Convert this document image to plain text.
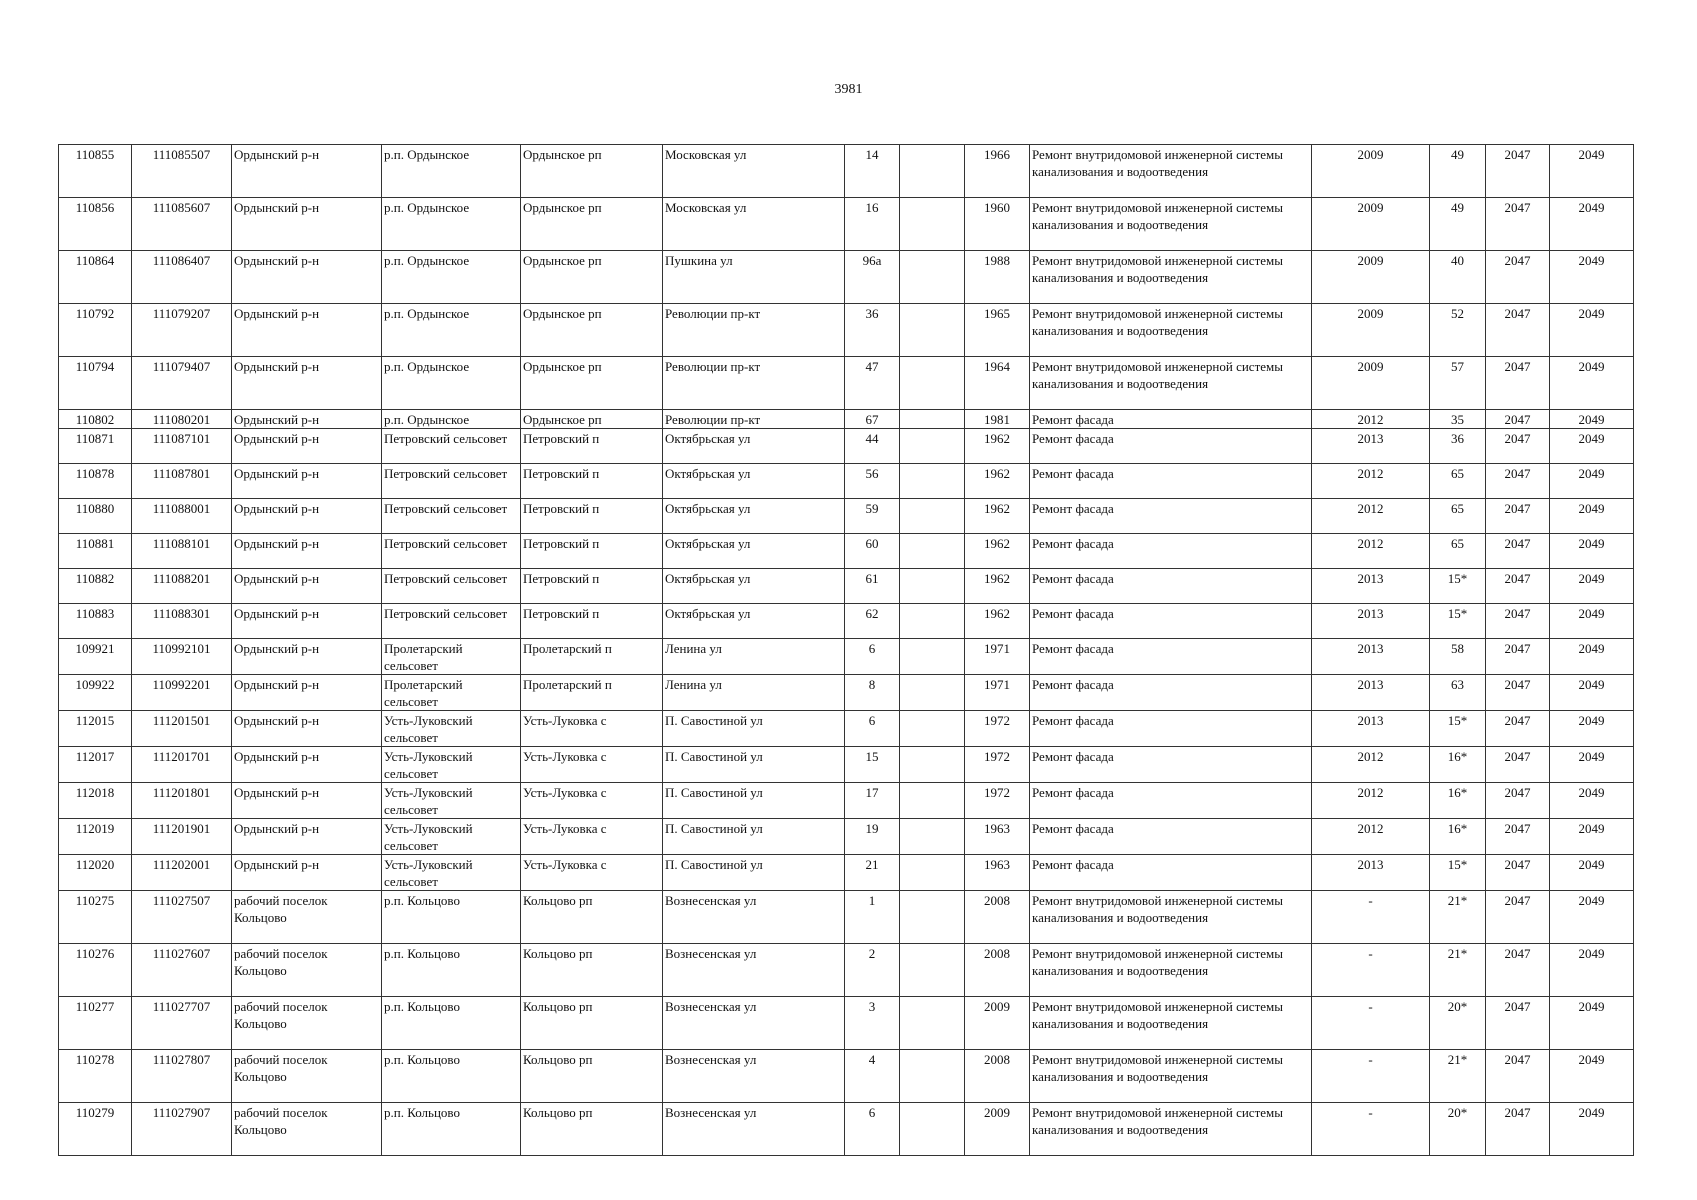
3981
110855	111085507	Ордынский р-н	р.п. Ордынское	Ордынское рп	Московская ул	14		1966	Ремонт внутридомовой инженерной системы канализования и водоотведения	2009	49	2047	2049
110856	111085607	Ордынский р-н	р.п. Ордынское	Ордынское рп	Московская ул	16		1960	Ремонт внутридомовой инженерной системы канализования и водоотведения	2009	49	2047	2049
110864	111086407	Ордынский р-н	р.п. Ордынское	Ордынское рп	Пушкина ул	96а		1988	Ремонт внутридомовой инженерной системы канализования и водоотведения	2009	40	2047	2049
110792	111079207	Ордынский р-н	р.п. Ордынское	Ордынское рп	Революции пр-кт	36		1965	Ремонт внутридомовой инженерной системы канализования и водоотведения	2009	52	2047	2049
110794	111079407	Ордынский р-н	р.п. Ордынское	Ордынское рп	Революции пр-кт	47		1964	Ремонт внутридомовой инженерной системы канализования и водоотведения	2009	57	2047	2049
110802	111080201	Ордынский р-н	р.п. Ордынское	Ордынское рп	Революции пр-кт	67		1981	Ремонт фасада	2012	35	2047	2049
110871	111087101	Ордынский р-н	Петровский сельсовет	Петровский п	Октябрьская ул	44		1962	Ремонт фасада	2013	36	2047	2049
110878	111087801	Ордынский р-н	Петровский сельсовет	Петровский п	Октябрьская ул	56		1962	Ремонт фасада	2012	65	2047	2049
110880	111088001	Ордынский р-н	Петровский сельсовет	Петровский п	Октябрьская ул	59		1962	Ремонт фасада	2012	65	2047	2049
110881	111088101	Ордынский р-н	Петровский сельсовет	Петровский п	Октябрьская ул	60		1962	Ремонт фасада	2012	65	2047	2049
110882	111088201	Ордынский р-н	Петровский сельсовет	Петровский п	Октябрьская ул	61		1962	Ремонт фасада	2013	15*	2047	2049
110883	111088301	Ордынский р-н	Петровский сельсовет	Петровский п	Октябрьская ул	62		1962	Ремонт фасада	2013	15*	2047	2049
109921	110992101	Ордынский р-н	Пролетарский сельсовет	Пролетарский п	Ленина ул	6		1971	Ремонт фасада	2013	58	2047	2049
109922	110992201	Ордынский р-н	Пролетарский сельсовет	Пролетарский п	Ленина ул	8		1971	Ремонт фасада	2013	63	2047	2049
112015	111201501	Ордынский р-н	Усть-Луковский сельсовет	Усть-Луковка с	П. Савостиной ул	6		1972	Ремонт фасада	2013	15*	2047	2049
112017	111201701	Ордынский р-н	Усть-Луковский сельсовет	Усть-Луковка с	П. Савостиной ул	15		1972	Ремонт фасада	2012	16*	2047	2049
112018	111201801	Ордынский р-н	Усть-Луковский сельсовет	Усть-Луковка с	П. Савостиной ул	17		1972	Ремонт фасада	2012	16*	2047	2049
112019	111201901	Ордынский р-н	Усть-Луковский сельсовет	Усть-Луковка с	П. Савостиной ул	19		1963	Ремонт фасада	2012	16*	2047	2049
112020	111202001	Ордынский р-н	Усть-Луковский сельсовет	Усть-Луковка с	П. Савостиной ул	21		1963	Ремонт фасада	2013	15*	2047	2049
110275	111027507	рабочий поселок Кольцово	р.п. Кольцово	Кольцово рп	Вознесенская ул	1		2008	Ремонт внутридомовой инженерной системы канализования и водоотведения	-	21*	2047	2049
110276	111027607	рабочий поселок Кольцово	р.п. Кольцово	Кольцово рп	Вознесенская ул	2		2008	Ремонт внутридомовой инженерной системы канализования и водоотведения	-	21*	2047	2049
110277	111027707	рабочий поселок Кольцово	р.п. Кольцово	Кольцово рп	Вознесенская ул	3		2009	Ремонт внутридомовой инженерной системы канализования и водоотведения	-	20*	2047	2049
110278	111027807	рабочий поселок Кольцово	р.п. Кольцово	Кольцово рп	Вознесенская ул	4		2008	Ремонт внутридомовой инженерной системы канализования и водоотведения	-	21*	2047	2049
110279	111027907	рабочий поселок Кольцово	р.п. Кольцово	Кольцово рп	Вознесенская ул	6		2009	Ремонт внутридомовой инженерной системы канализования и водоотведения	-	20*	2047	2049
